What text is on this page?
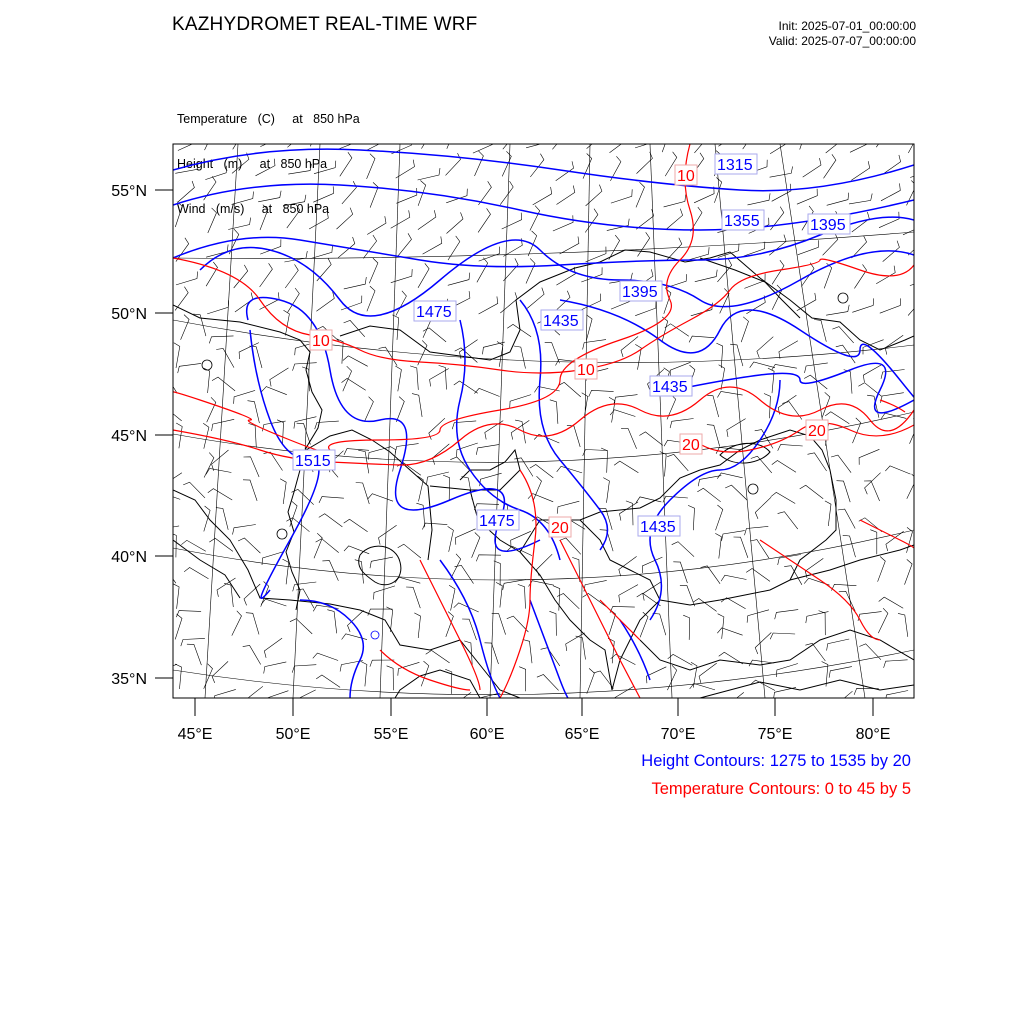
KAZHYDROMET REAL-TIME WRF	Init: 2025-07-01_00:00:00
Valid: 2025-07-07_00:00:00

Temperature   (C)     at   850 hPa

Height   (m)     at   850 hPa

Wind   (m/s)     at   850 hPa

1315
1355	1395
1395
1475
1435
1435
1515
1475	1435
10
10
10
20
20
20
55°N
50°N
45°N
40°N
35°N
45°E	50°E	55°E	60°E	65°E	70°E	75°E	80°E
Height Contours: 1275 to 1535 by 20
Temperature Contours: 0 to 45 by 5
